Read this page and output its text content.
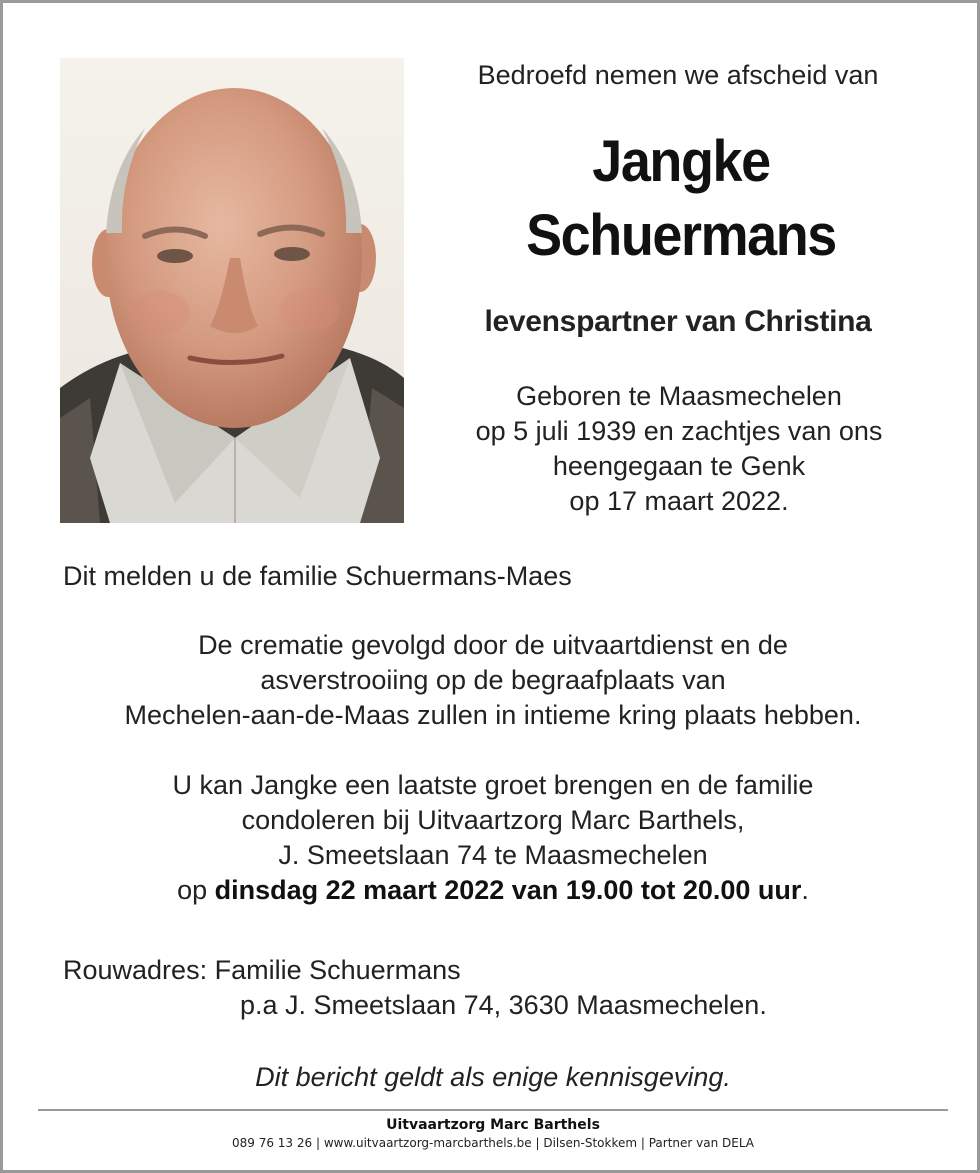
Bedroefd nemen we afscheid van
Jangke
Schuermans
levenspartner van Christina
Geboren te Maasmechelen
op 5 juli 1939 en zachtjes van ons
heengegaan te Genk
op 17 maart 2022.
Dit melden u de familie Schuermans-Maes
De crematie gevolgd door de uitvaartdienst en de
asverstrooiing op de begraafplaats van
Mechelen-aan-de-Maas zullen in intieme kring plaats hebben.
U kan Jangke een laatste groet brengen en de familie
condoleren bij Uitvaartzorg Marc Barthels,
J. Smeetslaan 74 te Maasmechelen
op dinsdag 22 maart 2022 van 19.00 tot 20.00 uur.
Rouwadres: Familie Schuermans
p.a J. Smeetslaan 74, 3630 Maasmechelen.
Dit bericht geldt als enige kennisgeving.
Uitvaartzorg Marc Barthels
089 76 13 26 | www.uitvaartzorg-marcbarthels.be | Dilsen-Stokkem | Partner van DELA
